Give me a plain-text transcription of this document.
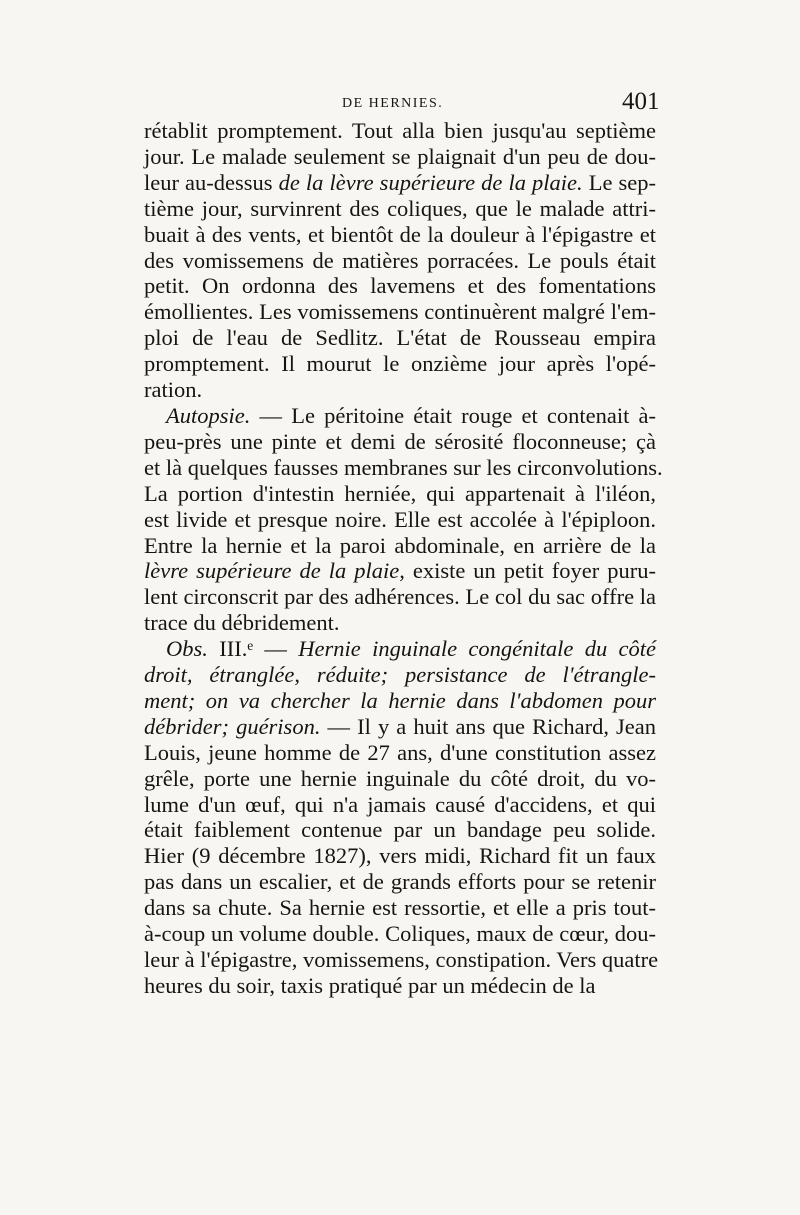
DE HERNIES.	401
rétablit promptement. Tout alla bien jusqu'au septième
jour. Le malade seulement se plaignait d'un peu de dou-
leur au-dessus de la lèvre supérieure de la plaie. Le sep-
tième jour, survinrent des coliques, que le malade attri-
buait à des vents, et bientôt de la douleur à l'épigastre et
des vomissemens de matières porracées. Le pouls était
petit. On ordonna des lavemens et des fomentations
émollientes. Les vomissemens continuèrent malgré l'em-
ploi de l'eau de Sedlitz. L'état de Rousseau empira
promptement. Il mourut le onzième jour après l'opé-
ration.
Autopsie. — Le péritoine était rouge et contenait à-
peu-près une pinte et demi de sérosité floconneuse; çà
et là quelques fausses membranes sur les circonvolutions.
La portion d'intestin herniée, qui appartenait à l'iléon,
est livide et presque noire. Elle est accolée à l'épiploon.
Entre la hernie et la paroi abdominale, en arrière de la
lèvre supérieure de la plaie, existe un petit foyer puru-
lent circonscrit par des adhérences. Le col du sac offre la
trace du débridement.
Obs. III.ᵉ — Hernie inguinale congénitale du côté
droit, étranglée, réduite; persistance de l'étrangle-
ment; on va chercher la hernie dans l'abdomen pour
débrider; guérison. — Il y a huit ans que Richard, Jean
Louis, jeune homme de 27 ans, d'une constitution assez
grêle, porte une hernie inguinale du côté droit, du vo-
lume d'un œuf, qui n'a jamais causé d'accidens, et qui
était faiblement contenue par un bandage peu solide.
Hier (9 décembre 1827), vers midi, Richard fit un faux
pas dans un escalier, et de grands efforts pour se retenir
dans sa chute. Sa hernie est ressortie, et elle a pris tout-
à-coup un volume double. Coliques, maux de cœur, dou-
leur à l'épigastre, vomissemens, constipation. Vers quatre
heures du soir, taxis pratiqué par un médecin de la
